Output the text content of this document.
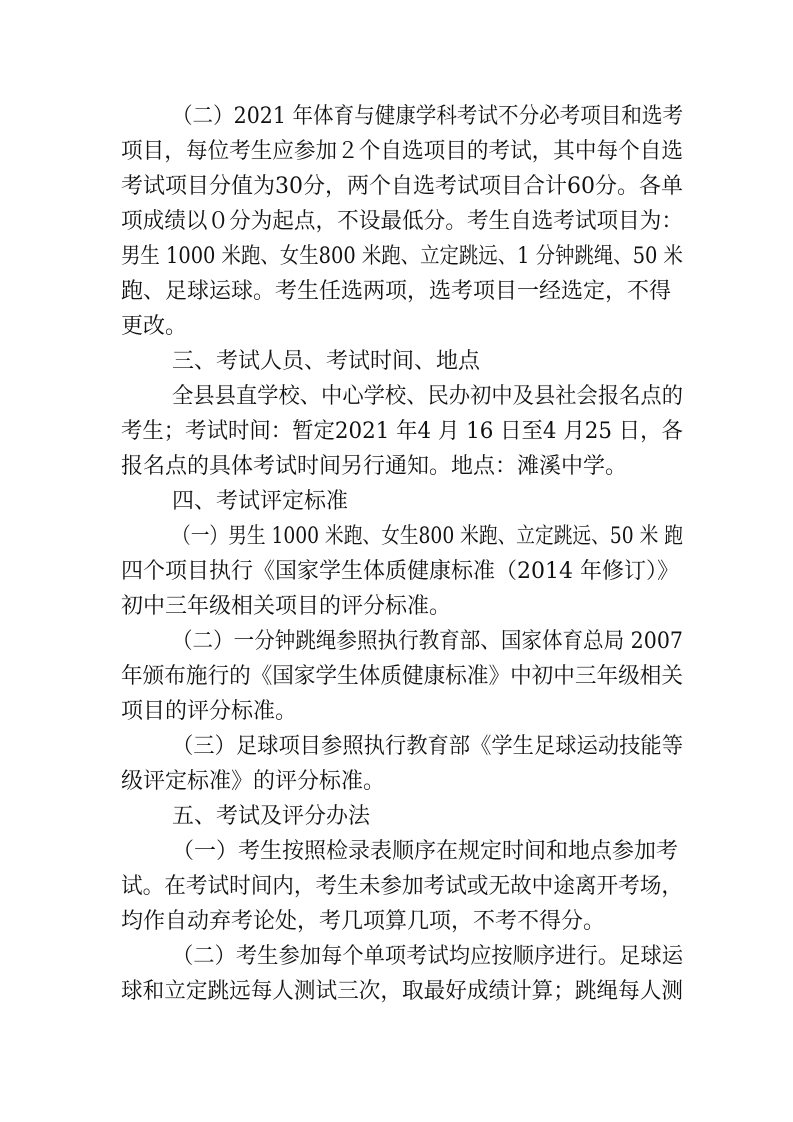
（二）2021 年体育与健康学科考试不分必考项目和选考
项目，每位考生应参加２个自选项目的考试，其中每个自选
考试项目分值为30分，两个自选考试项目合计60分。各单
项成绩以０分为起点，不设最低分。考生自选考试项目为：
男生 1000 米跑、女生800 米跑、立定跳远、1 分钟跳绳、50 米
跑、足球运球。考生任选两项，选考项目一经选定，不得
更改。
三、考试人员、考试时间、地点
全县县直学校、中心学校、民办初中及县社会报名点的
考生；考试时间：暂定2021 年4 月 16 日至4 月25 日，各
报名点的具体考试时间另行通知。地点：滩溪中学。
四、考试评定标准
（一）男生 1000 米跑、女生800 米跑、立定跳远、50 米 跑
四个项目执行《国家学生体质健康标准（2014 年修订）》
初中三年级相关项目的评分标准。
（二）一分钟跳绳参照执行教育部、国家体育总局 2007
年颁布施行的《国家学生体质健康标准》中初中三年级相关
项目的评分标准。
（三）足球项目参照执行教育部《学生足球运动技能等
级评定标准》的评分标准。
五、考试及评分办法
（一）考生按照检录表顺序在规定时间和地点参加考
试。在考试时间内，考生未参加考试或无故中途离开考场，
均作自动弃考论处，考几项算几项，不考不得分。
（二）考生参加每个单项考试均应按顺序进行。足球运
球和立定跳远每人测试三次，取最好成绩计算；跳绳每人测
